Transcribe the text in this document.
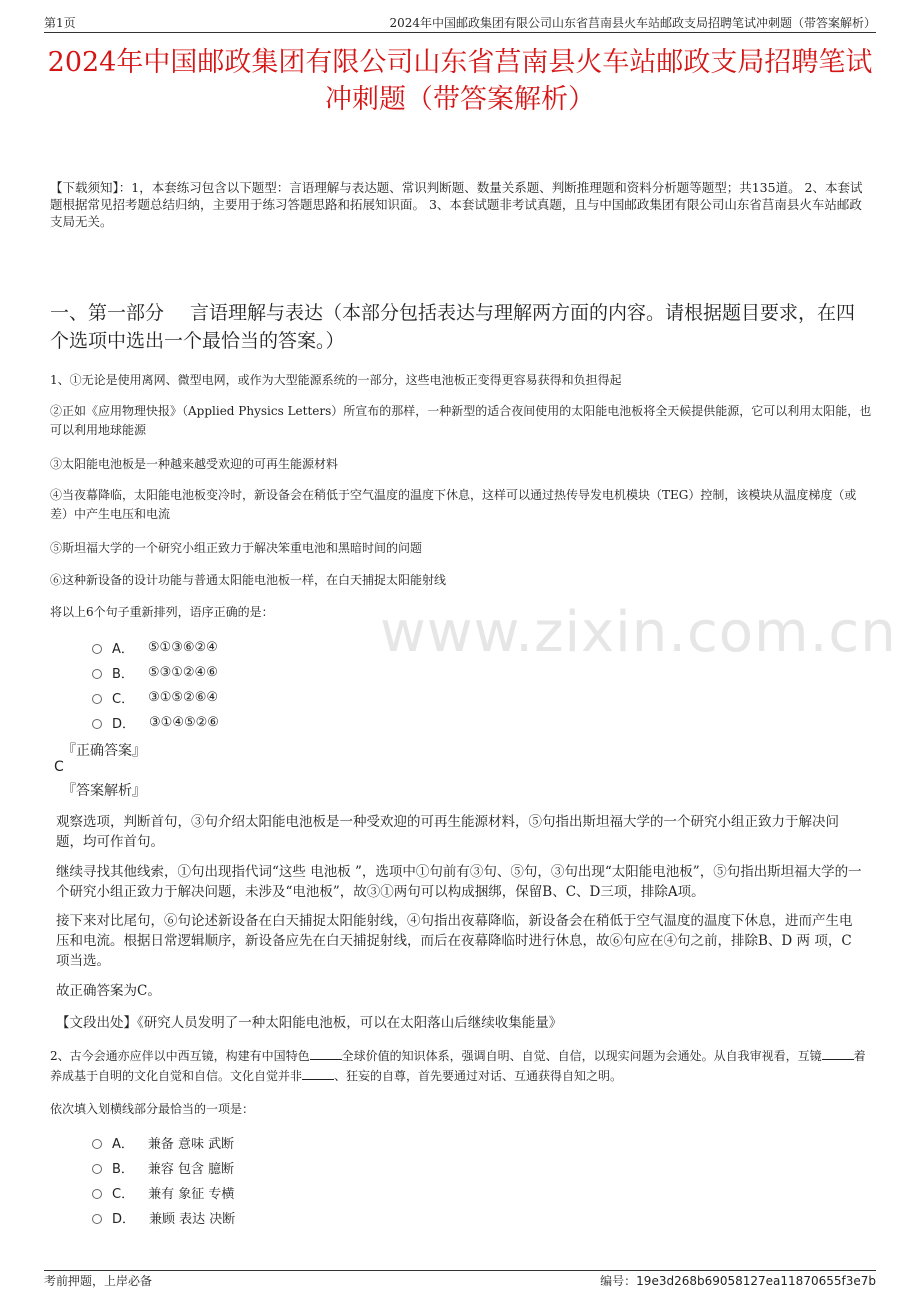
第1页	2024年中国邮政集团有限公司山东省莒南县火车站邮政支局招聘笔试冲刺题（带答案解析）
2024年中国邮政集团有限公司山东省莒南县火车站邮政支局招聘笔试冲刺题（带答案解析）
【下载须知】：1，本套练习包含以下题型：言语理解与表达题、常识判断题、数量关系题、判断推理题和资料分析题等题型；共135道。 2、本套试题根据常见招考题总结归纳，主要用于练习答题思路和拓展知识面。 3、本套试题非考试真题，且与中国邮政集团有限公司山东省莒南县火车站邮政支局无关。
一、第一部分 言语理解与表达（本部分包括表达与理解两方面的内容。请根据题目要求，在四个选项中选出一个最恰当的答案。）
www.zixin.com.cn
1、①无论是使用离网、微型电网，或作为大型能源系统的一部分，这些电池板正变得更容易获得和负担得起
②正如《应用物理快报》（Applied Physics Letters）所宣布的那样，一种新型的适合夜间使用的太阳能电池板将全天候提供能源，它可以利用太阳能，也可以利用地球能源
③太阳能电池板是一种越来越受欢迎的可再生能源材料
④当夜幕降临，太阳能电池板变冷时，新设备会在稍低于空气温度的温度下休息，这样可以通过热传导发电机模块（TEG）控制，该模块从温度梯度（或差）中产生电压和电流
⑤斯坦福大学的一个研究小组正致力于解决笨重电池和黑暗时间的问题
⑥这种新设备的设计功能与普通太阳能电池板一样，在白天捕捉太阳能射线
将以上6个句子重新排列，语序正确的是：
A． ⑤①③⑥②④
B． ⑤③①②④⑥
C． ③①⑤②⑥④
D． ③①④⑤②⑥
『正确答案』
C
『答案解析』
观察选项，判断首句，③句介绍太阳能电池板是一种受欢迎的可再生能源材料，⑤句指出斯坦福大学的一个研究小组正致力于解决问题，均可作首句。
继续寻找其他线索，①句出现指代词“这些 电池板 ”，选项中①句前有③句、⑤句，③句出现“太阳能电池板”，⑤句指出斯坦福大学的一个研究小组正致力于解决问题，未涉及“电池板”，故③①两句可以构成捆绑，保留B、C、D三项，排除A项。
接下来对比尾句，⑥句论述新设备在白天捕捉太阳能射线，④句指出夜幕降临，新设备会在稍低于空气温度的温度下休息，进而产生电压和电流。根据日常逻辑顺序，新设备应先在白天捕捉射线，而后在夜幕降临时进行休息，故⑥句应在④句之前，排除B、D 两 项，C项当选。
故正确答案为C。
【文段出处】《研究人员发明了一种太阳能电池板，可以在太阳落山后继续收集能量》
2、古今会通亦应伴以中西互镜，构建有中国特色	全球价值的知识体系，强调自明、自觉、自信，以现实问题为会通处。从自我审视看，互镜	着养成基于自明的文化自觉和自信。文化自觉并非	、狂妄的自尊，首先要通过对话、互通获得自知之明。
依次填入划横线部分最恰当的一项是：
A． 兼备 意味 武断
B． 兼容 包含 臆断
C． 兼有 象征 专横
D． 兼顾 表达 决断
考前押题，上岸必备	编号：19e3d268b69058127ea11870655f3e7b
